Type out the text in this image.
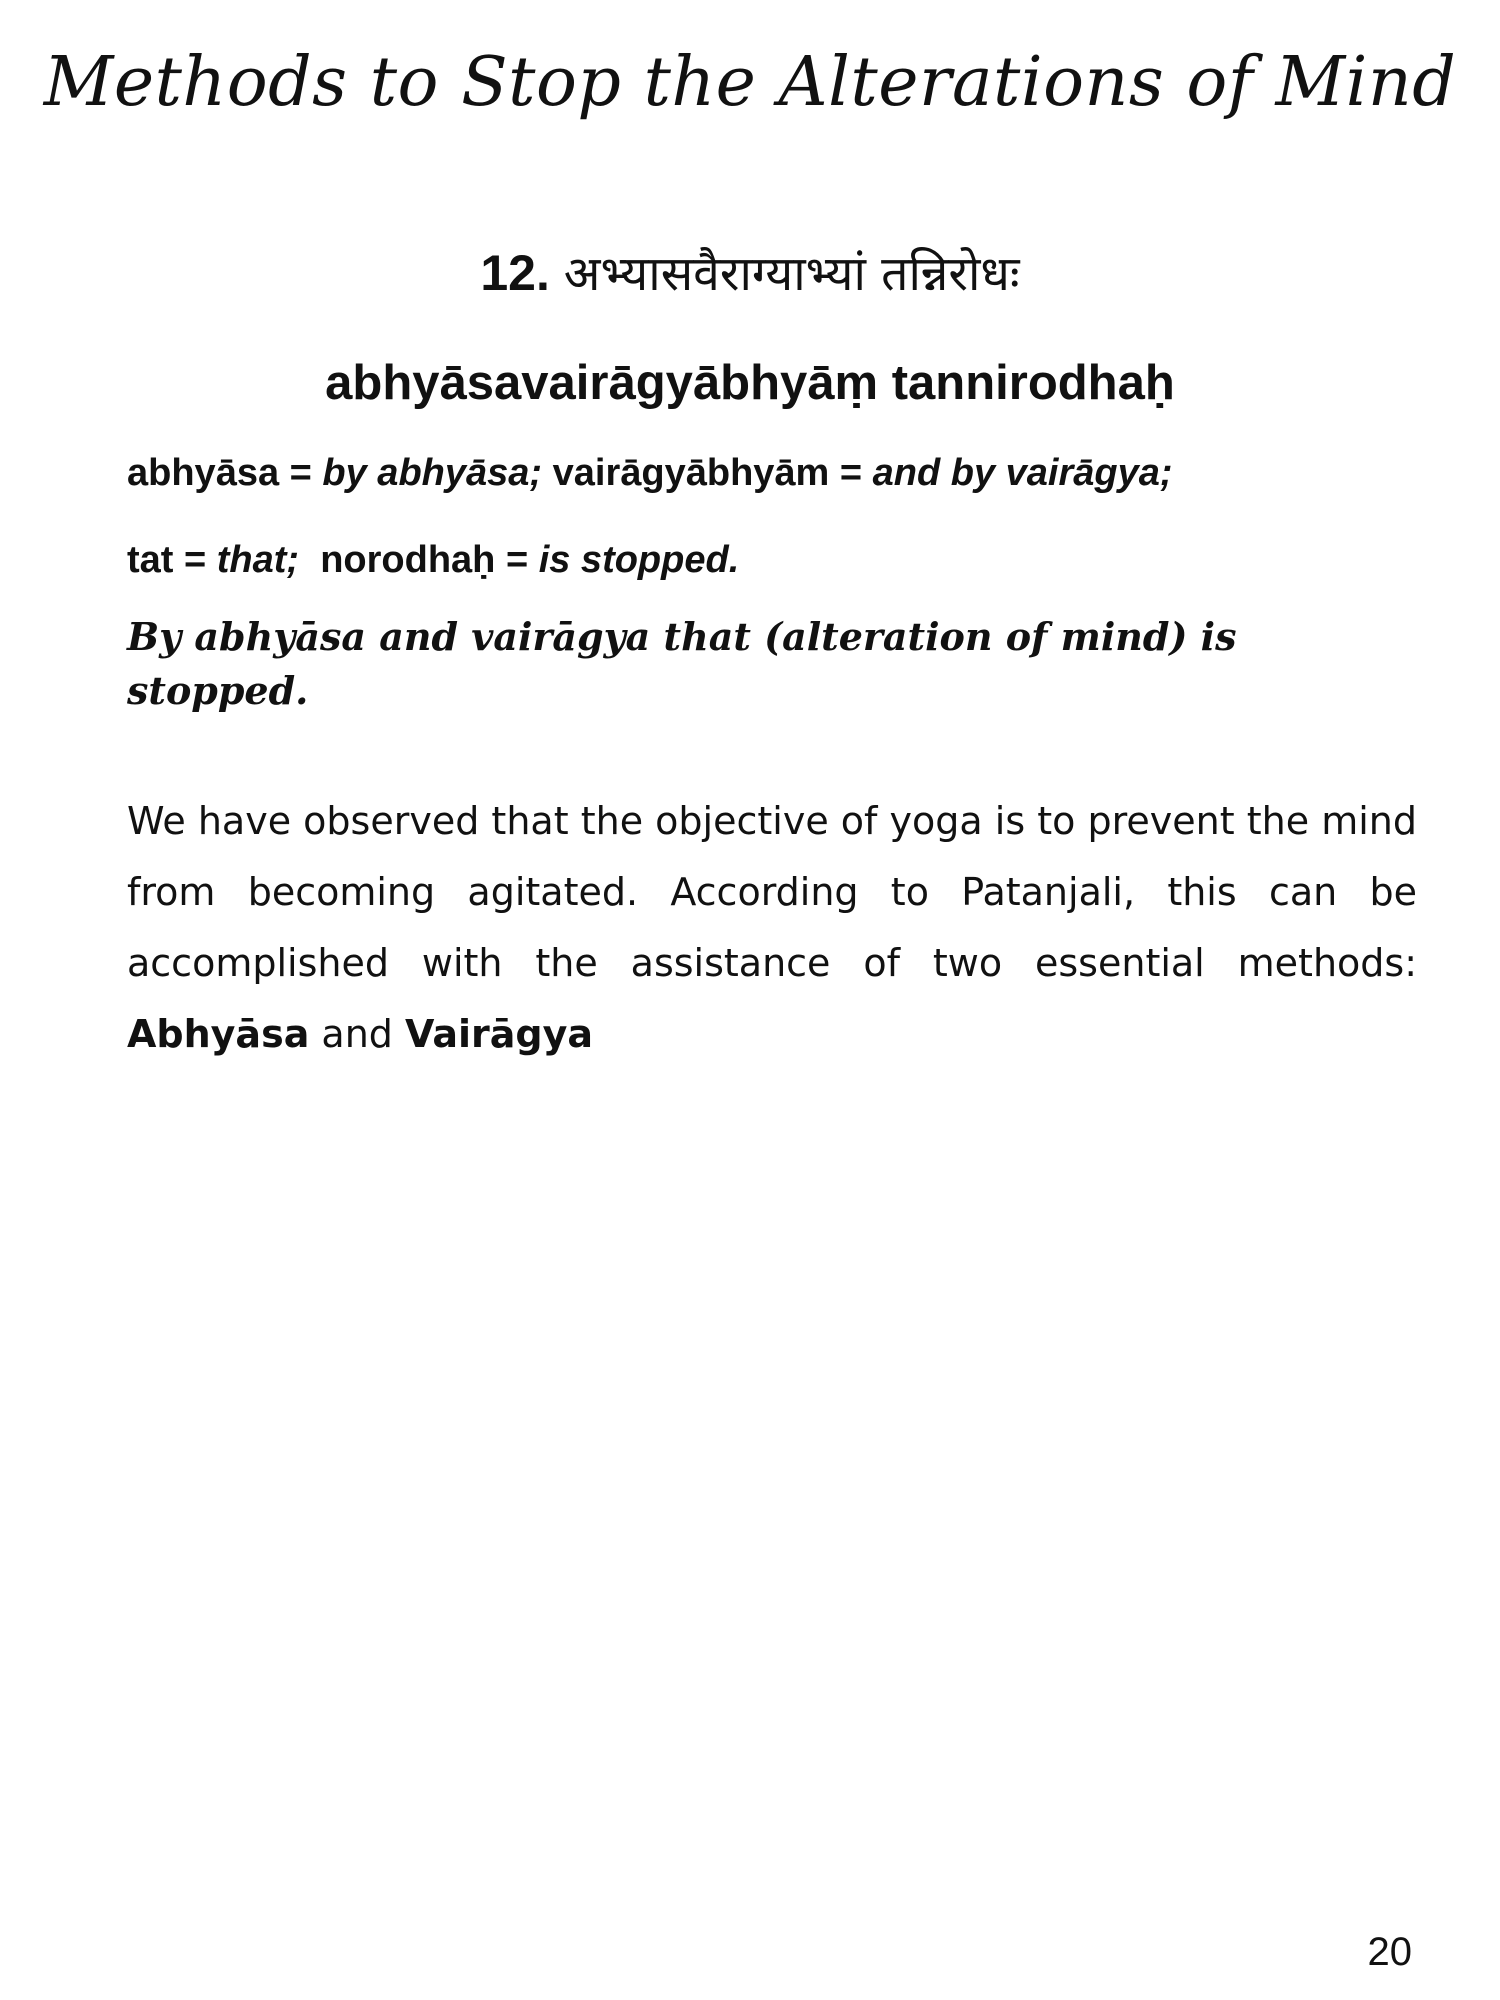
Methods to Stop the Alterations of Mind
12. अभ्यासवैराग्याभ्यां तन्निरोधः
abhyāsavairāgyābhyāṃ tannirodhaḥ
abhyāsa = by abhyāsa; vairāgyābhyām = and by vairāgya;
tat = that; norodhaḥ = is stopped.
By abhyāsa and vairāgya that (alteration of mind) is stopped.
We have observed that the objective of yoga is to prevent the mind from becoming agitated. According to Patanjali, this can be accomplished with the assistance of two essential methods: Abhyāsa and Vairāgya
20
